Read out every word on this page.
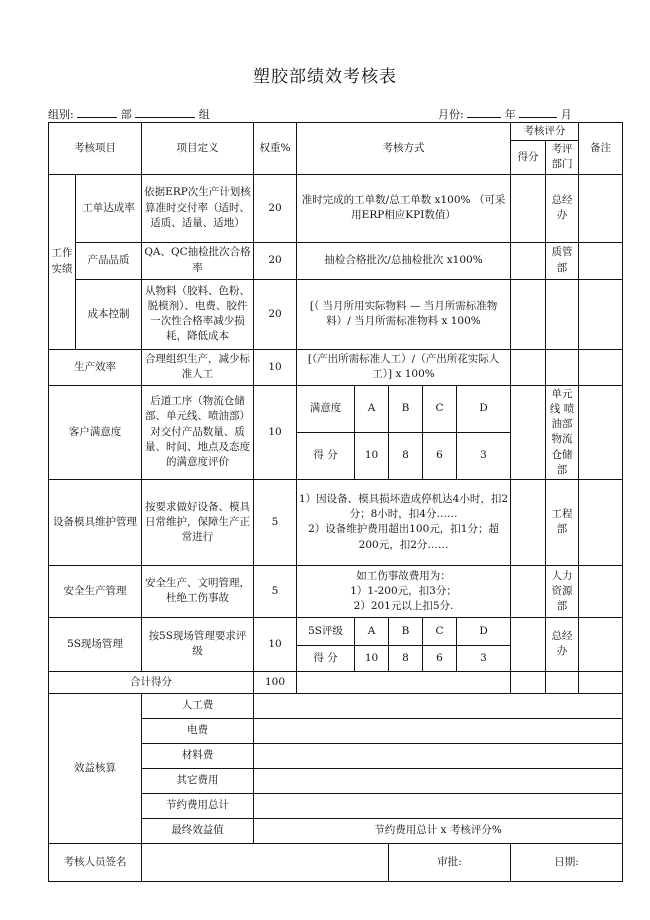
塑胶部绩效考核表
组别:	部	组	月份:	年	月
考核项目		项目定义	权重%	考核方式					考核评分		备注
									得分	考评部门	
工作实绩	工单达成率	依据ERP次生产计划核算准时交付率（适时、适质、适量、适地）	20	准时完成的工单数/总工单数 x100% （可采用ERP相应KPI数值）						总经办	
	产品品质	QA、QC抽检批次合格率	20	抽检合格批次/总抽检批次 x100%						质管部	
	成本控制	从物料（胶料、色粉、脱模剂）、电费、胶件一次性合格率减少损耗，降低成本	20	[（ 当月所用实际物料 — 当月所需标准物料）/ 当月所需标准物料 x 100%							
生产效率		合理组织生产，减少标准人工	10	[（产出所需标准人工）/（产出所花实际人工）] x 100%							
客户满意度		后道工序（物流仓储部、单元线、喷油部）对交付产品数量、质量、时间、地点及态度的满意度评价	10	满意度	A	B	C	D		单元线 喷油部 物流仓储部	
				得 分	10	8	6	3			
设备模具维护管理		按要求做好设备、模具日常维护，保障生产正常进行	5	1）因设备、模具损坏造成停机达4小时，扣2分；8小时，扣4分……
2）设备维护费用超出100元，扣1分；超200元，扣2分……						工程部	
安全生产管理		安全生产、文明管理，杜绝工伤事故	5	如工伤事故费用为：
1）1-200元，扣3分；
2）201元以上扣5分.						人力资源部	
5S现场管理		按5S现场管理要求评级	10	5S评级	A	B	C	D		总经办	
				得 分	10	8	6	3			
合计得分			100								
效益核算		人工费									
		电费									
		材料费									
		其它费用									
		节约费用总计									
		最终效益值	节约费用总计 x 考核评分%								
考核人员签名						审批:			日期:		
